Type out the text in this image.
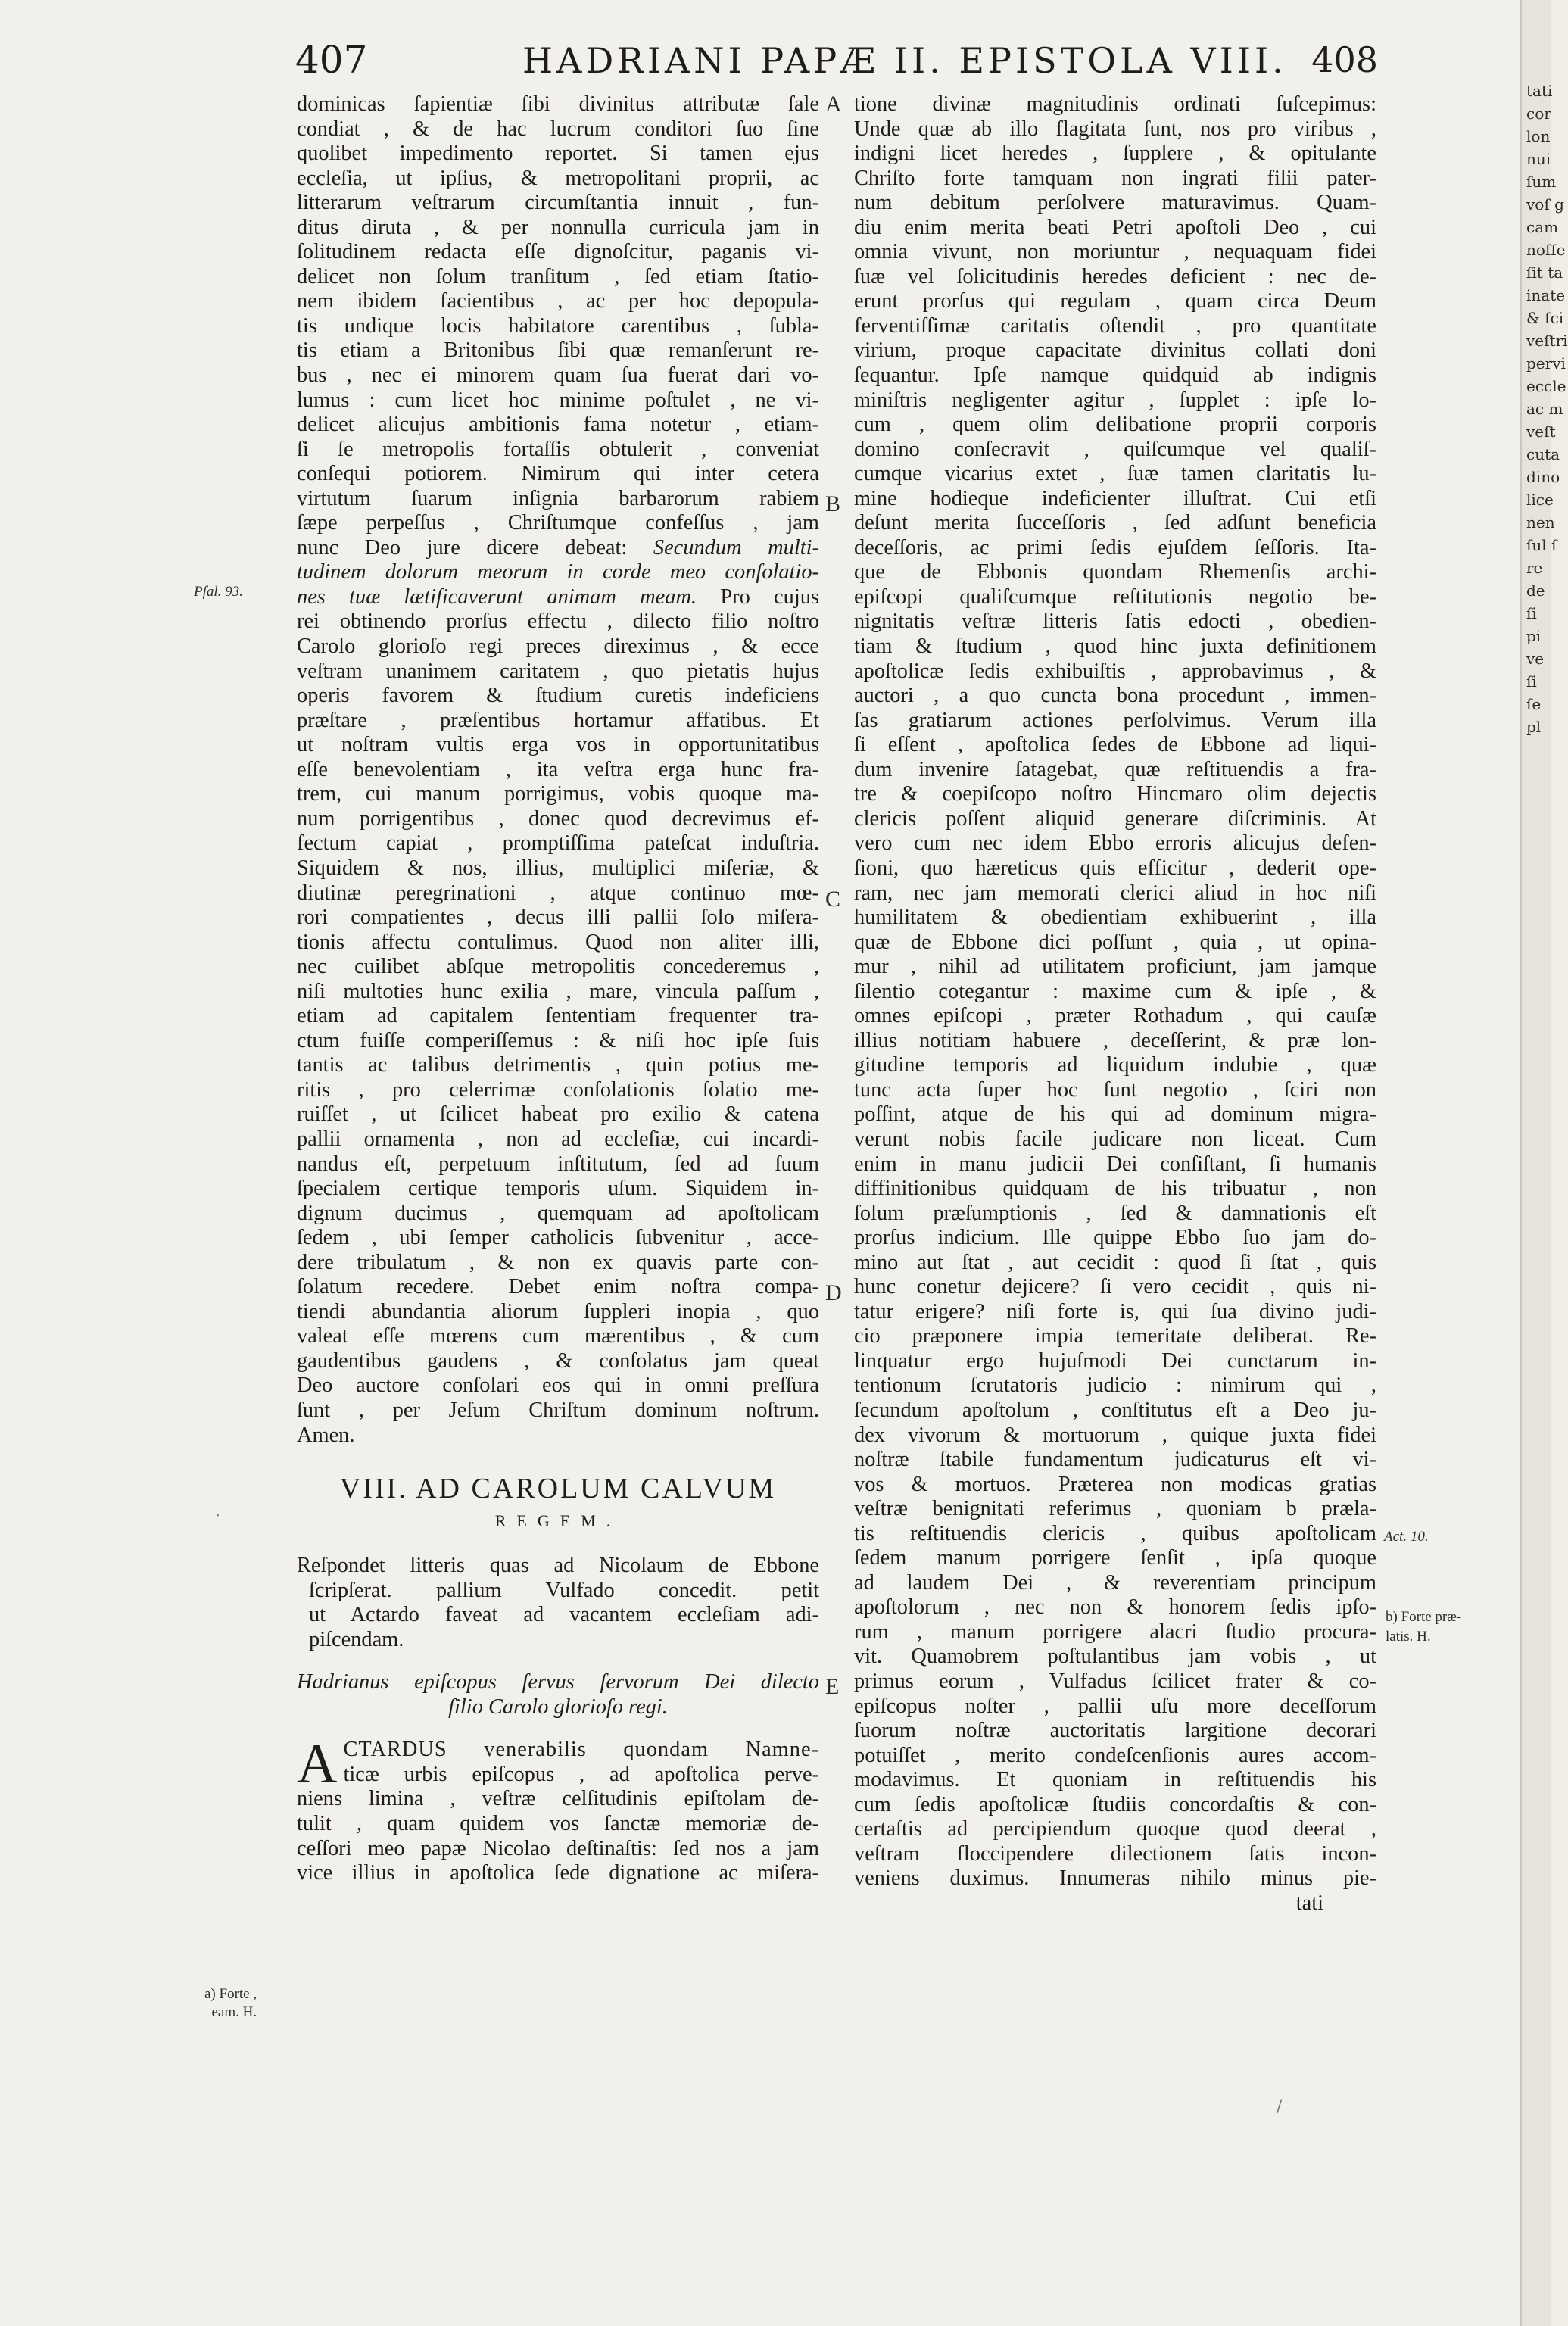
407	HADRIANI PAPÆ II. EPISTOLA VIII. 408
dominicas ſapientiæ ſibi divinitus attributæ ſale
condiat , & de hac lucrum conditori ſuo ſine
quolibet impedimento reportet. Si tamen ejus
eccleſia, ut ipſius, & metropolitani proprii, ac
litterarum veſtrarum circumſtantia innuit , fun-
ditus diruta , & per nonnulla curricula jam in
ſolitudinem redacta eſſe dignoſcitur, paganis vi-
delicet non ſolum tranſitum , ſed etiam ſtatio-
nem ibidem facientibus , ac per hoc depopula-
tis undique locis habitatore carentibus , ſubla-
tis etiam a Britonibus ſibi quæ remanſerunt re-
bus , nec ei minorem quam ſua fuerat dari vo-
lumus : cum licet hoc minime poſtulet , ne vi-
delicet alicujus ambitionis fama notetur , etiam-
ſi ſe metropolis fortaſſis obtulerit , conveniat
conſequi potiorem. Nimirum qui inter cetera
virtutum ſuarum inſignia barbarorum rabiem
ſæpe perpeſſus , Chriſtumque confeſſus , jam
nunc Deo jure dicere debeat: Secundum multi-
tudinem dolorum meorum in corde meo conſolatio-
nes tuæ lætificaverunt animam meam. Pro cujus
rei obtinendo prorſus effectu , dilecto filio noſtro
Carolo glorioſo regi preces direximus , & ecce
veſtram unanimem caritatem , quo pietatis hujus
operis favorem & ſtudium curetis indeficiens
præſtare , præſentibus hortamur affatibus. Et
ut noſtram vultis erga vos in opportunitatibus
eſſe benevolentiam , ita veſtra erga hunc fra-
trem, cui manum porrigimus, vobis quoque ma-
num porrigentibus , donec quod decrevimus ef-
fectum capiat , promptiſſima pateſcat induſtria.
Siquidem & nos, illius, multiplici miſeriæ, &
diutinæ peregrinationi , atque continuo mœ-
rori compatientes , decus illi pallii ſolo miſera-
tionis affectu contulimus. Quod non aliter illi,
nec cuilibet abſque metropolitis concederemus ,
niſi multoties hunc exilia , mare, vincula paſſum ,
etiam ad capitalem ſententiam frequenter tra-
ctum fuiſſe comperiſſemus : & niſi hoc ipſe ſuis
tantis ac talibus detrimentis , quin potius me-
ritis , pro celerrimæ conſolationis ſolatio me-
ruiſſet , ut ſcilicet habeat pro exilio & catena
pallii ornamenta , non ad eccleſiæ, cui incardi-
nandus eſt, perpetuum inſtitutum, ſed ad ſuum
ſpecialem certique temporis uſum. Siquidem in-
dignum ducimus , quemquam ad apoſtolicam
ſedem , ubi ſemper catholicis ſubvenitur , acce-
dere tribulatum , & non ex quavis parte con-
ſolatum recedere. Debet enim noſtra compa-
tiendi abundantia aliorum ſuppleri inopia , quo
valeat eſſe mœrens cum mærentibus , & cum
gaudentibus gaudens , & conſolatus jam queat
Deo auctore conſolari eos qui in omni preſſura
ſunt , per Jeſum Chriſtum dominum noſtrum.
Amen.
VIII. AD CAROLUM CALVUM
REGEM.
Reſpondet litteris quas ad Nicolaum de Ebbone
ſcripſerat. pallium Vulfado concedit. petit
ut Actardo faveat ad vacantem eccleſiam adi-
piſcendam.
Hadrianus epiſcopus ſervus ſervorum Dei dilecto
filio Carolo glorioſo regi.
A CTARDUS venerabilis quondam Namne-
ticæ urbis epiſcopus , ad apoſtolica perve-
niens limina , veſtræ celſitudinis epiſtolam de-
tulit , quam quidem vos ſanctæ memoriæ de-
ceſſori meo papæ Nicolao deſtinaſtis: ſed nos a jam
vice illius in apoſtolica ſede dignatione ac miſera-
tione divinæ magnitudinis ordinati ſuſcepimus:
Unde quæ ab illo flagitata ſunt, nos pro viribus ,
indigni licet heredes , ſupplere , & opitulante
Chriſto forte tamquam non ingrati filii pater-
num debitum perſolvere maturavimus. Quam-
diu enim merita beati Petri apoſtoli Deo , cui
omnia vivunt, non moriuntur , nequaquam fidei
ſuæ vel ſolicitudinis heredes deficient : nec de-
erunt prorſus qui regulam , quam circa Deum
ferventiſſimæ caritatis oſtendit , pro quantitate
virium, proque capacitate divinitus collati doni
ſequantur. Ipſe namque quidquid ab indignis
miniſtris negligenter agitur , ſupplet : ipſe lo-
cum , quem olim delibatione proprii corporis
domino conſecravit , quiſcumque vel qualiſ-
cumque vicarius extet , ſuæ tamen claritatis lu-
mine hodieque indeficienter illuſtrat. Cui etſi
deſunt merita ſucceſſoris , ſed adſunt beneficia
deceſſoris, ac primi ſedis ejuſdem ſeſſoris. Ita-
que de Ebbonis quondam Rhemenſis archi-
epiſcopi qualiſcumque reſtitutionis negotio be-
nignitatis veſtræ litteris ſatis edocti , obedien-
tiam & ſtudium , quod hinc juxta definitionem
apoſtolicæ ſedis exhibuiſtis , approbavimus , &
auctori , a quo cuncta bona procedunt , immen-
ſas gratiarum actiones perſolvimus. Verum illa
ſi eſſent , apoſtolica ſedes de Ebbone ad liqui-
dum invenire ſatagebat, quæ reſtituendis a fra-
tre & coepiſcopo noſtro Hincmaro olim dejectis
clericis poſſent aliquid generare diſcriminis. At
vero cum nec idem Ebbo erroris alicujus defen-
ſioni, quo hæreticus quis efficitur , dederit ope-
ram, nec jam memorati clerici aliud in hoc niſi
humilitatem & obedientiam exhibuerint , illa
quæ de Ebbone dici poſſunt , quia , ut opina-
mur , nihil ad utilitatem proficiunt, jam jamque
ſilentio cotegantur : maxime cum & ipſe , &
omnes epiſcopi , præter Rothadum , qui cauſæ
illius notitiam habuere , deceſſerint, & præ lon-
gitudine temporis ad liquidum indubie , quæ
tunc acta ſuper hoc ſunt negotio , ſciri non
poſſint, atque de his qui ad dominum migra-
verunt nobis facile judicare non liceat. Cum
enim in manu judicii Dei conſiſtant, ſi humanis
diffinitionibus quidquam de his tribuatur , non
ſolum præſumptionis , ſed & damnationis eſt
prorſus indicium. Ille quippe Ebbo ſuo jam do-
mino aut ſtat , aut cecidit : quod ſi ſtat , quis
hunc conetur dejicere? ſi vero cecidit , quis ni-
tatur erigere? niſi forte is, qui ſua divino judi-
cio præponere impia temeritate deliberat. Re-
linquatur ergo hujuſmodi Dei cunctarum in-
tentionum ſcrutatoris judicio : nimirum qui ,
ſecundum apoſtolum , conſtitutus eſt a Deo ju-
dex vivorum & mortuorum , quique juxta fidei
noſtræ ſtabile fundamentum judicaturus eſt vi-
vos & mortuos. Præterea non modicas gratias
veſtræ benignitati referimus , quoniam b præla-
tis reſtituendis clericis , quibus apoſtolicam
ſedem manum porrigere ſenſit , ipſa quoque
ad laudem Dei , & reverentiam principum
apoſtolorum , nec non & honorem ſedis ipſo-
rum , manum porrigere alacri ſtudio procura-
vit. Quamobrem poſtulantibus jam vobis , ut
primus eorum , Vulfadus ſcilicet frater & co-
epiſcopus noſter , pallii uſu more deceſſorum
ſuorum noſtræ auctoritatis largitione decorari
potuiſſet , merito condeſcenſionis aures accom-
modavimus. Et quoniam in reſtituendis his
cum ſedis apoſtolicæ ſtudiis concordaſtis & con-
certaſtis ad percipiendum quoque quod deerat ,
veſtram floccipendere dilectionem ſatis incon-
veniens duximus. Innumeras nihilo minus pie-
tati
A
B
C
D
E
Pſal. 93.
Act. 10.
a) Forte ,
eam. H.
b) Forte præ-
latis. H.
·
/
tati
cor
lon
nui
ſum
voſ g
cam
noſſe
ſit ta
inate
& ſci
veſtri
pervi
eccle
ac m
veſt
cuta
dino
lice
nen
ſul ſ
re
de
ſi
pi
ve
ſi
ſe
pl
